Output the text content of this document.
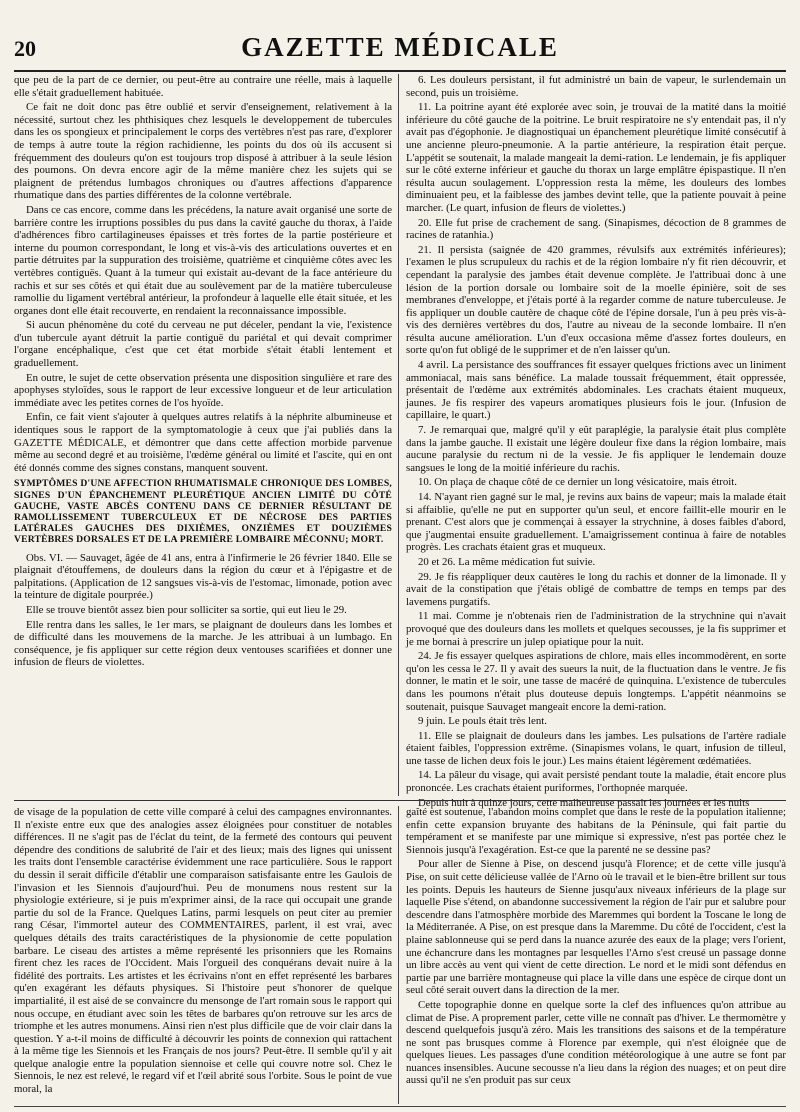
20	GAZETTE MÉDICALE

que peu de la part de ce dernier, ou peut-être au contraire une réelle, mais à laquelle elle s'était graduellement habituée.

Ce fait ne doit donc pas être oublié et servir d'enseignement, relativement à la nécessité, surtout chez les phthisiques chez lesquels le developpement de tubercules dans les os spongieux et principalement le corps des vertèbres n'est pas rare, d'explorer de temps à autre toute la région rachidienne, les points du dos où ils accusent si fréquemment des douleurs qu'on est toujours trop disposé à attribuer à la seule lésion des poumons. On devra encore agir de la même manière chez les sujets qui se plaignent de prétendus lumbagos chroniques ou d'autres affections d'apparence rhumatique dans des parties différentes de la colonne vertébrale.

Dans ce cas encore, comme dans les précédens, la nature avait organisé une sorte de barrière contre les irruptions possibles du pus dans la cavité gauche du thorax, à l'aide d'adhérences fibro cartilagineuses épaisses et très fortes de la partie postérieure et interne du poumon correspondant, le long et vis-à-vis des articulations ouvertes et en partie détruites par la suppuration des troisième, quatrième et cinquième côtes avec les vertèbres contiguës. Quant à la tumeur qui existait au-devant de la face antérieure du rachis et sur ses côtés et qui était due au soulèvement par de la matière tuberculeuse ramollie du ligament vertébral antérieur, la profondeur à laquelle elle était située, et les organes dont elle était recouverte, en rendaient la reconnaissance impossible.

Si aucun phénomène du coté du cerveau ne put déceler, pendant la vie, l'existence d'un tubercule ayant détruit la partie contiguë du pariétal et qui devait comprimer l'organe encéphalique, c'est que cet état morbide s'était établi lentement et graduellement.

En outre, le sujet de cette observation présenta une disposition singulière et rare des apophyses styloïdes, sous le rapport de leur excessive longueur et de leur articulation immédiate avec les petites cornes de l'os hyoïde.

Enfin, ce fait vient s'ajouter à quelques autres relatifs à la néphrite albumineuse et identiques sous le rapport de la symptomatologie à ceux que j'ai publiés dans la GAZETTE MÉDICALE, et démontrer que dans cette affection morbide parvenue même au second degré et au troisième, l'œdème général ou limité et l'ascite, qui en ont été donnés comme des signes constans, manquent souvent.

SYMPTÔMES D'UNE AFFECTION RHUMATISMALE CHRONIQUE DES LOMBES, SIGNES D'UN ÉPANCHEMENT PLEURÉTIQUE ANCIEN LIMITÉ DU CÔTÉ GAUCHE, VASTE ABCÈS CONTENU DANS CE DERNIER RÉSULTANT DE RAMOLLISSEMENT TUBERCULEUX ET DE NÉCROSE DES PARTIES LATÉRALES GAUCHES DES DIXIÈMES, ONZIÈMES ET DOUZIÈMES VERTÈBRES DORSALES ET DE LA PREMIÈRE LOMBAIRE MÉCONNU; MORT.

Obs. VI. — Sauvaget, âgée de 41 ans, entra à l'infirmerie le 26 février 1840. Elle se plaignait d'étouffemens, de douleurs dans la région du cœur et à l'épigastre et de palpitations. (Application de 12 sangsues vis-à-vis de l'estomac, limonade, potion avec la teinture de digitale pourprée.)

Elle se trouve bientôt assez bien pour solliciter sa sortie, qui eut lieu le 29.

Elle rentra dans les salles, le 1er mars, se plaignant de douleurs dans les lombes et de difficulté dans les mouvemens de la marche. Je les attribuai à un lumbago. En conséquence, je fis appliquer sur cette région deux ventouses scarifiées et donner une infusion de fleurs de violettes.

6. Les douleurs persistant, il fut administré un bain de vapeur, le surlendemain un second, puis un troisième.

11. La poitrine ayant été explorée avec soin, je trouvai de la matité dans la moitié inférieure du côté gauche de la poitrine. Le bruit respiratoire ne s'y entendait pas, il n'y avait pas d'égophonie. Je diagnostiquai un épanchement pleurétique limité consécutif à une ancienne pleuro-pneumonie. A la partie antérieure, la respiration était perçue. L'appétit se soutenait, la malade mangeait la demi-ration. Le lendemain, je fis appliquer sur le côté externe inférieur et gauche du thorax un large emplâtre épispastique. Il n'en résulta aucun soulagement. L'oppression resta la même, les douleurs des lombes diminuaient peu, et la faiblesse des jambes devint telle, que la patiente pouvait à peine marcher. (Le quart, infusion de fleurs de violettes.)

20. Elle fut prise de crachement de sang. (Sinapismes, décoction de 8 grammes de racines de ratanhia.)

21. Il persista (saignée de 420 grammes, révulsifs aux extrémités inférieures); l'examen le plus scrupuleux du rachis et de la région lombaire n'y fit rien découvrir, et cependant la paralysie des jambes était devenue complète. Je l'attribuai donc à une lésion de la portion dorsale ou lombaire soit de la moelle épinière, soit de ses membranes d'enveloppe, et j'étais porté à la regarder comme de nature tuberculeuse. Je fis appliquer un double cautère de chaque côté de l'épine dorsale, l'un à peu près vis-à-vis des dernières vertèbres du dos, l'autre au niveau de la seconde lombaire. Il n'en résulta aucune amélioration. L'un d'eux occasiona même d'assez fortes douleurs, en sorte qu'on fut obligé de le supprimer et de n'en laisser qu'un.

4 avril. La persistance des souffrances fit essayer quelques frictions avec un liniment ammoniacal, mais sans bénéfice. La malade toussait fréquemment, était oppressée, présentait de l'œdème aux extrémités abdominales. Les crachats étaient muqueux, jaunes. Je fis respirer des vapeurs aromatiques plusieurs fois le jour. (Infusion de capillaire, le quart.)

7. Je remarquai que, malgré qu'il y eût paraplégie, la paralysie était plus complète dans la jambe gauche. Il existait une légère douleur fixe dans la région lombaire, mais aucune paralysie du rectum ni de la vessie. Je fis appliquer le lendemain douze sangsues le long de la moitié inférieure du rachis.

10. On plaça de chaque côté de ce dernier un long vésicatoire, mais étroit.

14. N'ayant rien gagné sur le mal, je revins aux bains de vapeur; mais la malade était si affaiblie, qu'elle ne put en supporter qu'un seul, et encore faillit-elle mourir en le prenant. C'est alors que je commençai à essayer la strychnine, à doses faibles d'abord, que j'augmentai ensuite graduellement. L'amaigrissement continua à faire de notables progrès. Les crachats étaient gras et muqueux.

20 et 26. La même médication fut suivie.

29. Je fis réappliquer deux cautères le long du rachis et donner de la limonade. Il y avait de la constipation que j'étais obligé de combattre de temps en temps par des lavemens purgatifs.

11 mai. Comme je n'obtenais rien de l'administration de la strychnine qui n'avait provoqué que des douleurs dans les mollets et quelques secousses, je la fis supprimer et je me bornai à prescrire un julep opiatique pour la nuit.

24. Je fis essayer quelques aspirations de chlore, mais elles incommodèrent, en sorte qu'on les cessa le 27. Il y avait des sueurs la nuit, de la fluctuation dans le ventre. Je fis donner, le matin et le soir, une tasse de macéré de quinquina. L'existence de tubercules dans les poumons n'était plus douteuse depuis longtemps. L'appétit néanmoins se soutenait, puisque Sauvaget mangeait encore la demi-ration.

9 juin. Le pouls était très lent.

11. Elle se plaignait de douleurs dans les jambes. Les pulsations de l'artère radiale étaient faibles, l'oppression extrême. (Sinapismes volans, le quart, infusion de tilleul, une tasse de lichen deux fois le jour.) Les mains étaient légèrement œdématiées.

14. La pâleur du visage, qui avait persisté pendant toute la maladie, était encore plus prononcée. Les crachats étaient puriformes, l'orthopnée marquée.

Depuis huit à quinze jours, cette malheureuse passait les journées et les nuits

de visage de la population de cette ville comparé à celui des campagnes environnantes. Il n'existe entre eux que des analogies assez éloignées pour constituer de notables différences. Il ne s'agit pas de l'éclat du teint, de la fermeté des contours qui peuvent dépendre des conditions de salubrité de l'air et des lieux; mais des lignes qui unissent les traits dont l'ensemble caractérise évidemment une race particulière. Sous le rapport du dessin il serait difficile d'établir une comparaison satisfaisante entre les Gaulois de l'invasion et les Siennois d'aujourd'hui. Peu de monumens nous restent sur la physiologie extérieure, si je puis m'exprimer ainsi, de la race qui occupait une grande partie du sol de la France. Quelques Latins, parmi lesquels on peut citer au premier rang César, l'immortel auteur des COMMENTAIRES, parlent, il est vrai, avec quelques détails des traits caractéristiques de la physionomie de cette population barbare. Le ciseau des artistes a même représenté les prisonniers que les Romains firent chez les races de l'Occident. Mais l'orgueil des conquérans devait nuire à la fidélité des portraits. Les artistes et les écrivains n'ont en effet représenté les barbares qu'en exagérant les défauts physiques. Si l'histoire peut s'honorer de quelque impartialité, il est aisé de se convaincre du mensonge de l'art romain sous le rapport qui nous occupe, en étudiant avec soin les têtes de barbares qu'on retrouve sur les arcs de triomphe et les autres monumens. Ainsi rien n'est plus difficile que de voir clair dans la question. Y a-t-il moins de difficulté à découvrir les points de connexion qui rattachent à la même tige les Siennois et les Français de nos jours? Peut-être. Il semble qu'il y ait quelque analogie entre la population siennoise et celle qui couvre notre sol. Chez le Siennois, le nez est relevé, le regard vif et l'œil abrité sous l'orbite. Sous le point de vue moral, la

gaîté est soutenue, l'abandon moins complet que dans le reste de la population italienne; enfin cette expansion bruyante des habitans de la Péninsule, qui fait partie du tempérament et se manifeste par une mimique si expressive, n'est pas portée chez le Siennois jusqu'à l'exagération. Est-ce que la parenté ne se dessine pas?

Pour aller de Sienne à Pise, on descend jusqu'à Florence; et de cette ville jusqu'à Pise, on suit cette délicieuse vallée de l'Arno où le travail et le bien-être brillent sur tous les points. Depuis les hauteurs de Sienne jusqu'aux niveaux inférieurs de la plage sur laquelle Pise s'étend, on abandonne successivement la région de l'air pur et salubre pour descendre dans l'atmosphère morbide des Maremmes qui bordent la Toscane le long de la Méditerranée. A Pise, on est presque dans la Maremme. Du côté de l'occident, c'est la plaine sablonneuse qui se perd dans la nuance azurée des eaux de la plage; vers l'orient, une échancrure dans les montagnes par lesquelles l'Arno s'est creusé un passage donne un libre accès au vent qui vient de cette direction. Le nord et le midi sont défendus en partie par une barrière montagneuse qui place la ville dans une espèce de cirque dont un seul côté serait ouvert dans la direction de la mer.

Cette topographie donne en quelque sorte la clef des influences qu'on attribue au climat de Pise. A proprement parler, cette ville ne connaît pas d'hiver. Le thermomètre y descend quelquefois jusqu'à zéro. Mais les transitions des saisons et de la température ne sont pas brusques comme à Florence par exemple, qui n'est éloignée que de quelques lieues. Les passages d'une condition météorologique à une autre se font par nuances insensibles. Aucune secousse n'a lieu dans la région des nuages; et on peut dire aussi qu'il ne s'en produit pas sur ceux
